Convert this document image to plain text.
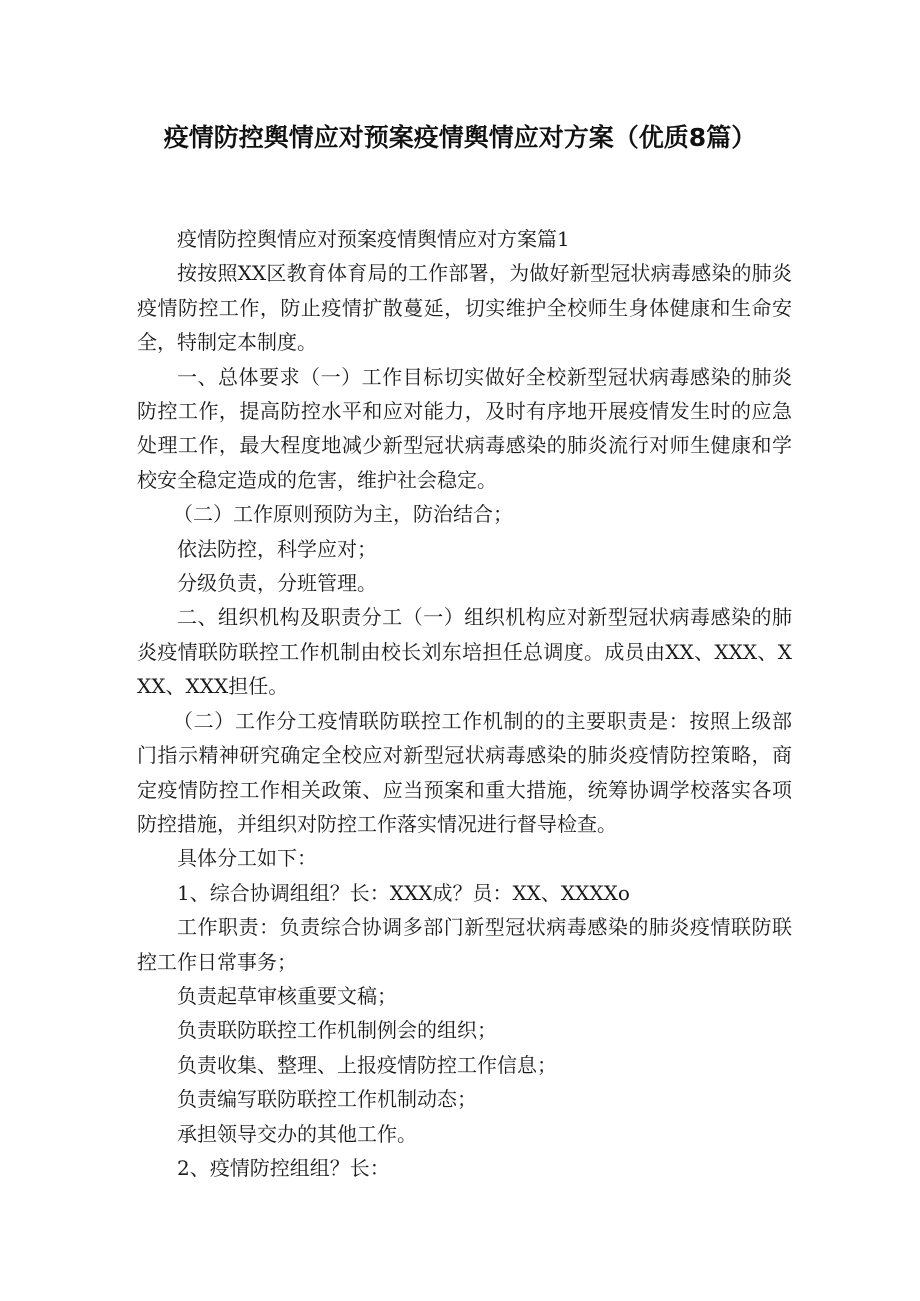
疫情防控舆情应对预案疫情舆情应对方案（优质8篇）

疫情防控舆情应对预案疫情舆情应对方案篇1

按按照XX区教育体育局的工作部署，为做好新型冠状病毒感染的肺炎疫情防控工作，防止疫情扩散蔓延，切实维护全校师生身体健康和生命安全，特制定本制度。

一、总体要求（一）工作目标切实做好全校新型冠状病毒感染的肺炎防控工作，提高防控水平和应对能力，及时有序地开展疫情发生时的应急处理工作，最大程度地减少新型冠状病毒感染的肺炎流行对师生健康和学校安全稳定造成的危害，维护社会稳定。

（二）工作原则预防为主，防治结合；

依法防控，科学应对；

分级负责，分班管理。

二、组织机构及职责分工（一）组织机构应对新型冠状病毒感染的肺炎疫情联防联控工作机制由校长刘东培担任总调度。成员由XX、XXX、XXX、XXX担任。

（二）工作分工疫情联防联控工作机制的的主要职责是：按照上级部门指示精神研究确定全校应对新型冠状病毒感染的肺炎疫情防控策略，商定疫情防控工作相关政策、应当预案和重大措施，统筹协调学校落实各项防控措施，并组织对防控工作落实情况进行督导检查。

具体分工如下：

1、综合协调组组？长：XXX成？员：XX、XXXXo

工作职责：负责综合协调多部门新型冠状病毒感染的肺炎疫情联防联控工作日常事务；

负责起草审核重要文稿；

负责联防联控工作机制例会的组织；

负责收集、整理、上报疫情防控工作信息；

负责编写联防联控工作机制动态；

承担领导交办的其他工作。

2、疫情防控组组？长：
